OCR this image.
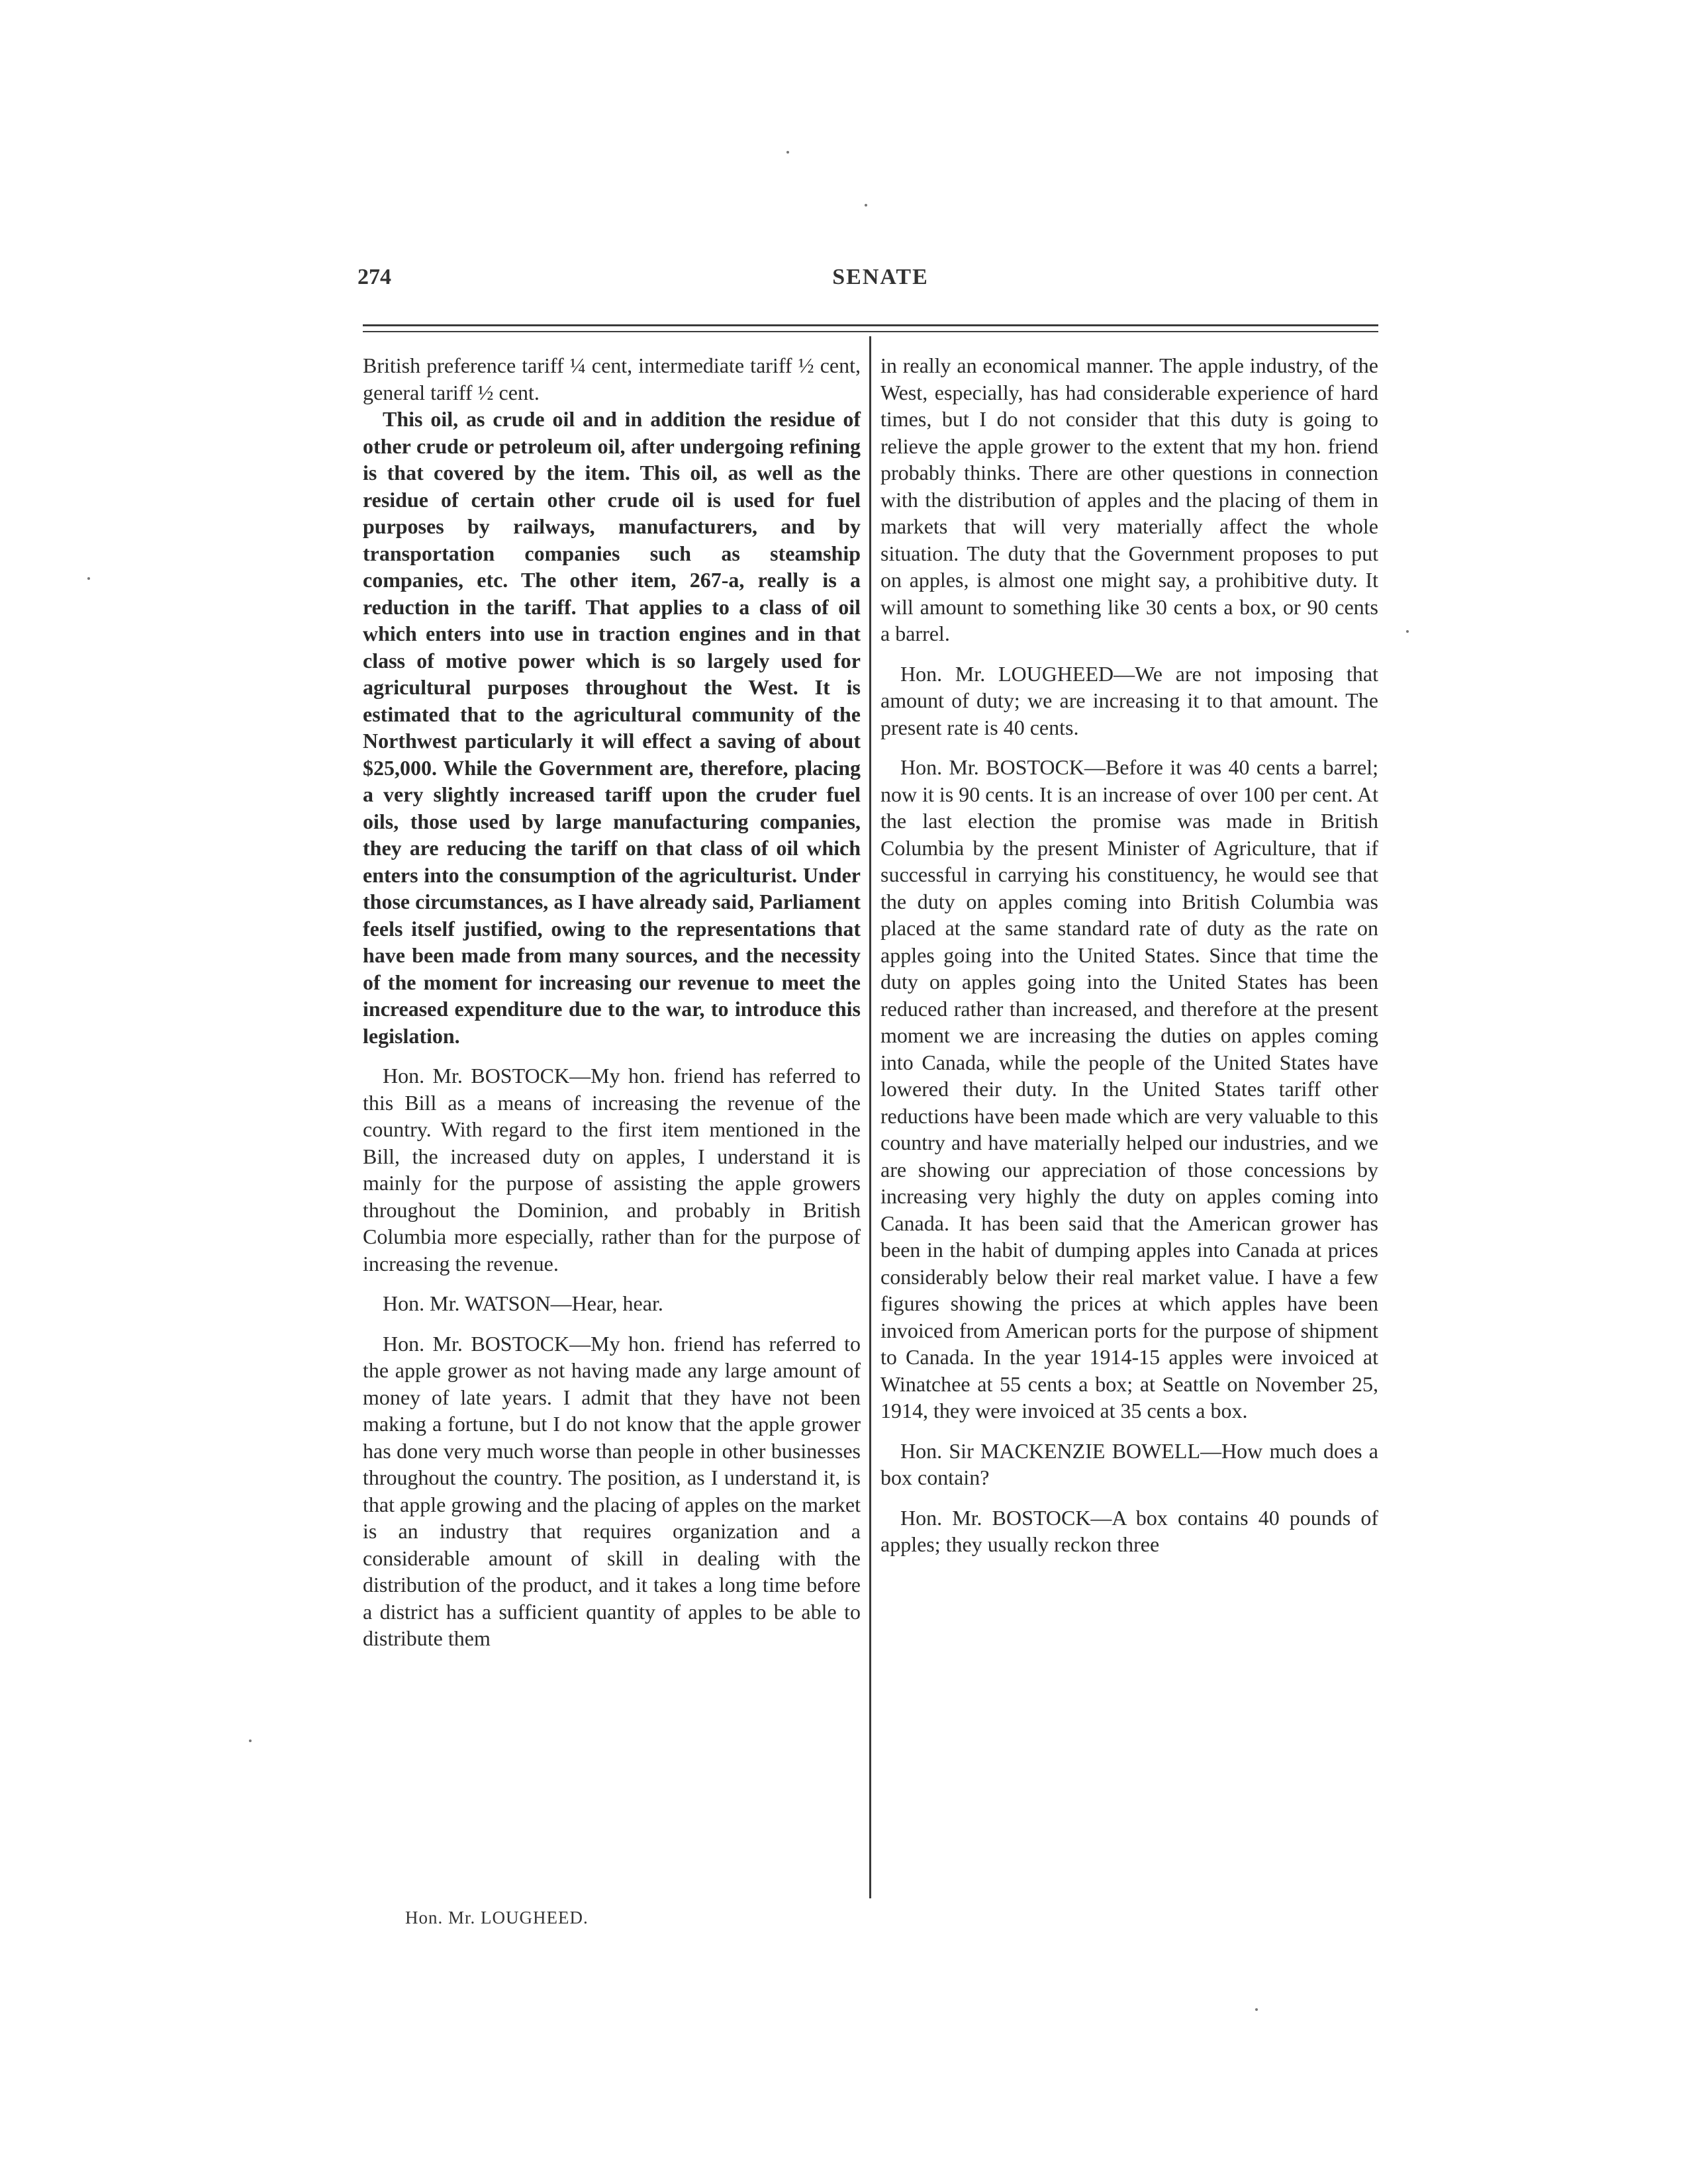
274	SENATE

British preference tariff ¼ cent, intermediate tariff ½ cent, general tariff ½ cent.

This oil, as crude oil and in addition the residue of other crude or petroleum oil, after undergoing refining is that covered by the item. This oil, as well as the residue of certain other crude oil is used for fuel purposes by railways, manufacturers, and by transportation companies such as steamship companies, etc. The other item, 267-a, really is a reduction in the tariff. That applies to a class of oil which enters into use in traction engines and in that class of motive power which is so largely used for agricultural purposes throughout the West. It is estimated that to the agricultural community of the Northwest particularly it will effect a saving of about $25,000. While the Government are, therefore, placing a very slightly increased tariff upon the cruder fuel oils, those used by large manufacturing companies, they are reducing the tariff on that class of oil which enters into the consumption of the agriculturist. Under those circumstances, as I have already said, Parliament feels itself justified, owing to the representations that have been made from many sources, and the necessity of the moment for increasing our revenue to meet the increased expenditure due to the war, to introduce this legislation.

Hon. Mr. BOSTOCK—My hon. friend has referred to this Bill as a means of increasing the revenue of the country. With regard to the first item mentioned in the Bill, the increased duty on apples, I understand it is mainly for the purpose of assisting the apple growers throughout the Dominion, and probably in British Columbia more especially, rather than for the purpose of increasing the revenue.

Hon. Mr. WATSON—Hear, hear.

Hon. Mr. BOSTOCK—My hon. friend has referred to the apple grower as not having made any large amount of money of late years. I admit that they have not been making a fortune, but I do not know that the apple grower has done very much worse than people in other businesses throughout the country. The position, as I understand it, is that apple growing and the placing of apples on the market is an industry that requires organization and a considerable amount of skill in dealing with the distribution of the product, and it takes a long time before a district has a sufficient quantity of apples to be able to distribute them

in really an economical manner. The apple industry, of the West, especially, has had considerable experience of hard times, but I do not consider that this duty is going to relieve the apple grower to the extent that my hon. friend probably thinks. There are other questions in connection with the distribution of apples and the placing of them in markets that will very materially affect the whole situation. The duty that the Government proposes to put on apples, is almost one might say, a prohibitive duty. It will amount to something like 30 cents a box, or 90 cents a barrel.

Hon. Mr. LOUGHEED—We are not imposing that amount of duty; we are increasing it to that amount. The present rate is 40 cents.

Hon. Mr. BOSTOCK—Before it was 40 cents a barrel; now it is 90 cents. It is an increase of over 100 per cent. At the last election the promise was made in British Columbia by the present Minister of Agriculture, that if successful in carrying his constituency, he would see that the duty on apples coming into British Columbia was placed at the same standard rate of duty as the rate on apples going into the United States. Since that time the duty on apples going into the United States has been reduced rather than increased, and therefore at the present moment we are increasing the duties on apples coming into Canada, while the people of the United States have lowered their duty. In the United States tariff other reductions have been made which are very valuable to this country and have materially helped our industries, and we are showing our appreciation of those concessions by increasing very highly the duty on apples coming into Canada. It has been said that the American grower has been in the habit of dumping apples into Canada at prices considerably below their real market value. I have a few figures showing the prices at which apples have been invoiced from American ports for the purpose of shipment to Canada. In the year 1914-15 apples were invoiced at Winatchee at 55 cents a box; at Seattle on November 25, 1914, they were invoiced at 35 cents a box.

Hon. Sir MACKENZIE BOWELL—How much does a box contain?

Hon. Mr. BOSTOCK—A box contains 40 pounds of apples; they usually reckon three

Hon. Mr. LOUGHEED.
